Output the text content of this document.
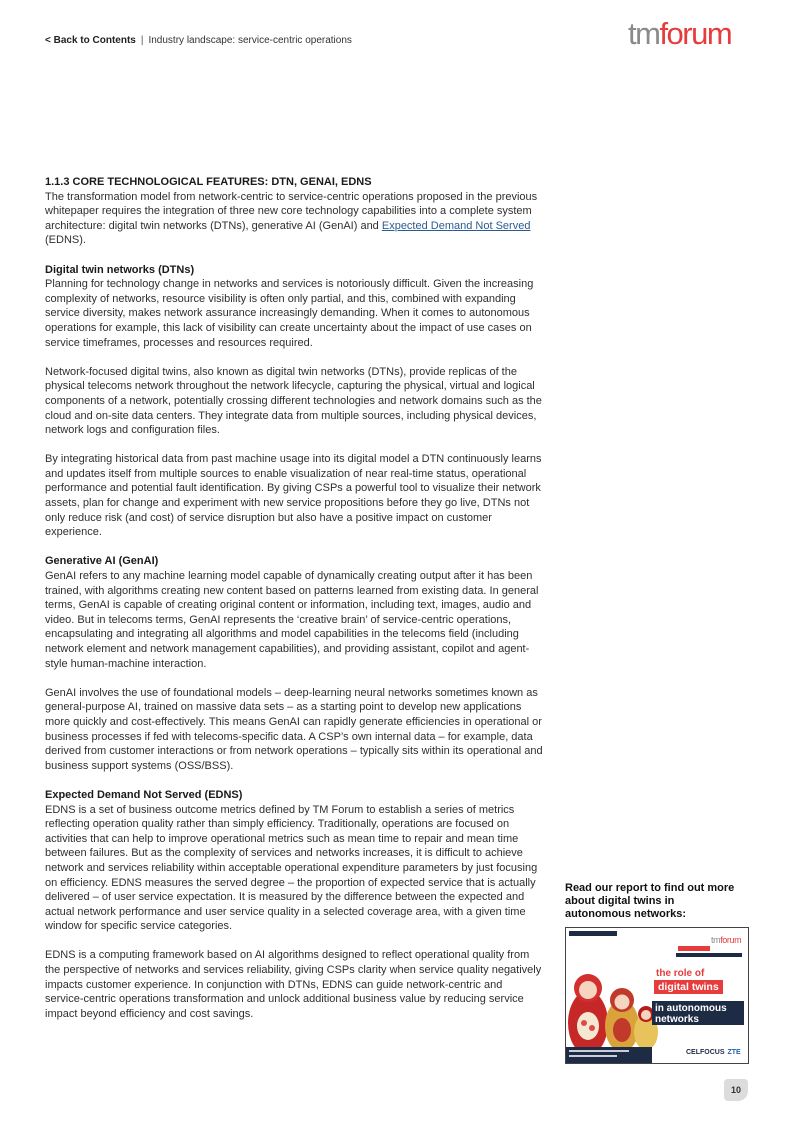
< Back to Contents | Industry landscape: service-centric operations	tmforum
1.1.3 CORE TECHNOLOGICAL FEATURES: DTN, GENAI, EDNS

The transformation model from network-centric to service-centric operations proposed in the previous whitepaper requires the integration of three new core technology capabilities into a complete system architecture: digital twin networks (DTNs), generative AI (GenAI) and Expected Demand Not Served (EDNS).

Digital twin networks (DTNs)

Planning for technology change in networks and services is notoriously difficult. Given the increasing complexity of networks, resource visibility is often only partial, and this, combined with expanding service diversity, makes network assurance increasingly demanding. When it comes to autonomous operations for example, this lack of visibility can create uncertainty about the impact of use cases on service timeframes, processes and resources required.

Network-focused digital twins, also known as digital twin networks (DTNs), provide replicas of the physical telecoms network throughout the network lifecycle, capturing the physical, virtual and logical components of a network, potentially crossing different technologies and network domains such as the cloud and on-site data centers. They integrate data from multiple sources, including physical devices, network logs and configuration files.

By integrating historical data from past machine usage into its digital model a DTN continuously learns and updates itself from multiple sources to enable visualization of near real-time status, operational performance and potential fault identification. By giving CSPs a powerful tool to visualize their network assets, plan for change and experiment with new service propositions before they go live, DTNs not only reduce risk (and cost) of service disruption but also have a positive impact on customer experience.

Generative AI (GenAI)

GenAI refers to any machine learning model capable of dynamically creating output after it has been trained, with algorithms creating new content based on patterns learned from existing data. In general terms, GenAI is capable of creating original content or information, including text, images, audio and video. But in telecoms terms, GenAI represents the ‘creative brain’ of service-centric operations, encapsulating and integrating all algorithms and model capabilities in the telecoms field (including network element and network management capabilities), and providing assistant, copilot and agent-style human-machine interaction.

GenAI involves the use of foundational models – deep-learning neural networks sometimes known as general-purpose AI, trained on massive data sets – as a starting point to develop new applications more quickly and cost-effectively. This means GenAI can rapidly generate efficiencies in operational or business processes if fed with telecoms-specific data. A CSP’s own internal data – for example, data derived from customer interactions or from network operations – typically sits within its operational and business support systems (OSS/BSS).

Expected Demand Not Served (EDNS)

EDNS is a set of business outcome metrics defined by TM Forum to establish a series of metrics reflecting operation quality rather than simply efficiency. Traditionally, operations are focused on activities that can help to improve operational metrics such as mean time to repair and mean time between failures. But as the complexity of services and networks increases, it is difficult to achieve network and services reliability within acceptable operational expenditure parameters by just focusing on efficiency. EDNS measures the served degree – the proportion of expected service that is actually delivered – of user service expectation. It is measured by the difference between the expected and actual network performance and user service quality in a selected coverage area, with a given time window for specific service categories.

EDNS is a computing framework based on AI algorithms designed to reflect operational quality from the perspective of networks and services reliability, giving CSPs clarity when service quality negatively impacts customer experience. In conjunction with DTNs, EDNS can guide network-centric and service-centric operations transformation and unlock additional business value by reducing service impact beyond efficiency and cost savings.

Read our report to find out more about digital twins in autonomous networks:
tmforum
the role of
digital twins
in autonomous networks
CELFOCUS ZTE
10
